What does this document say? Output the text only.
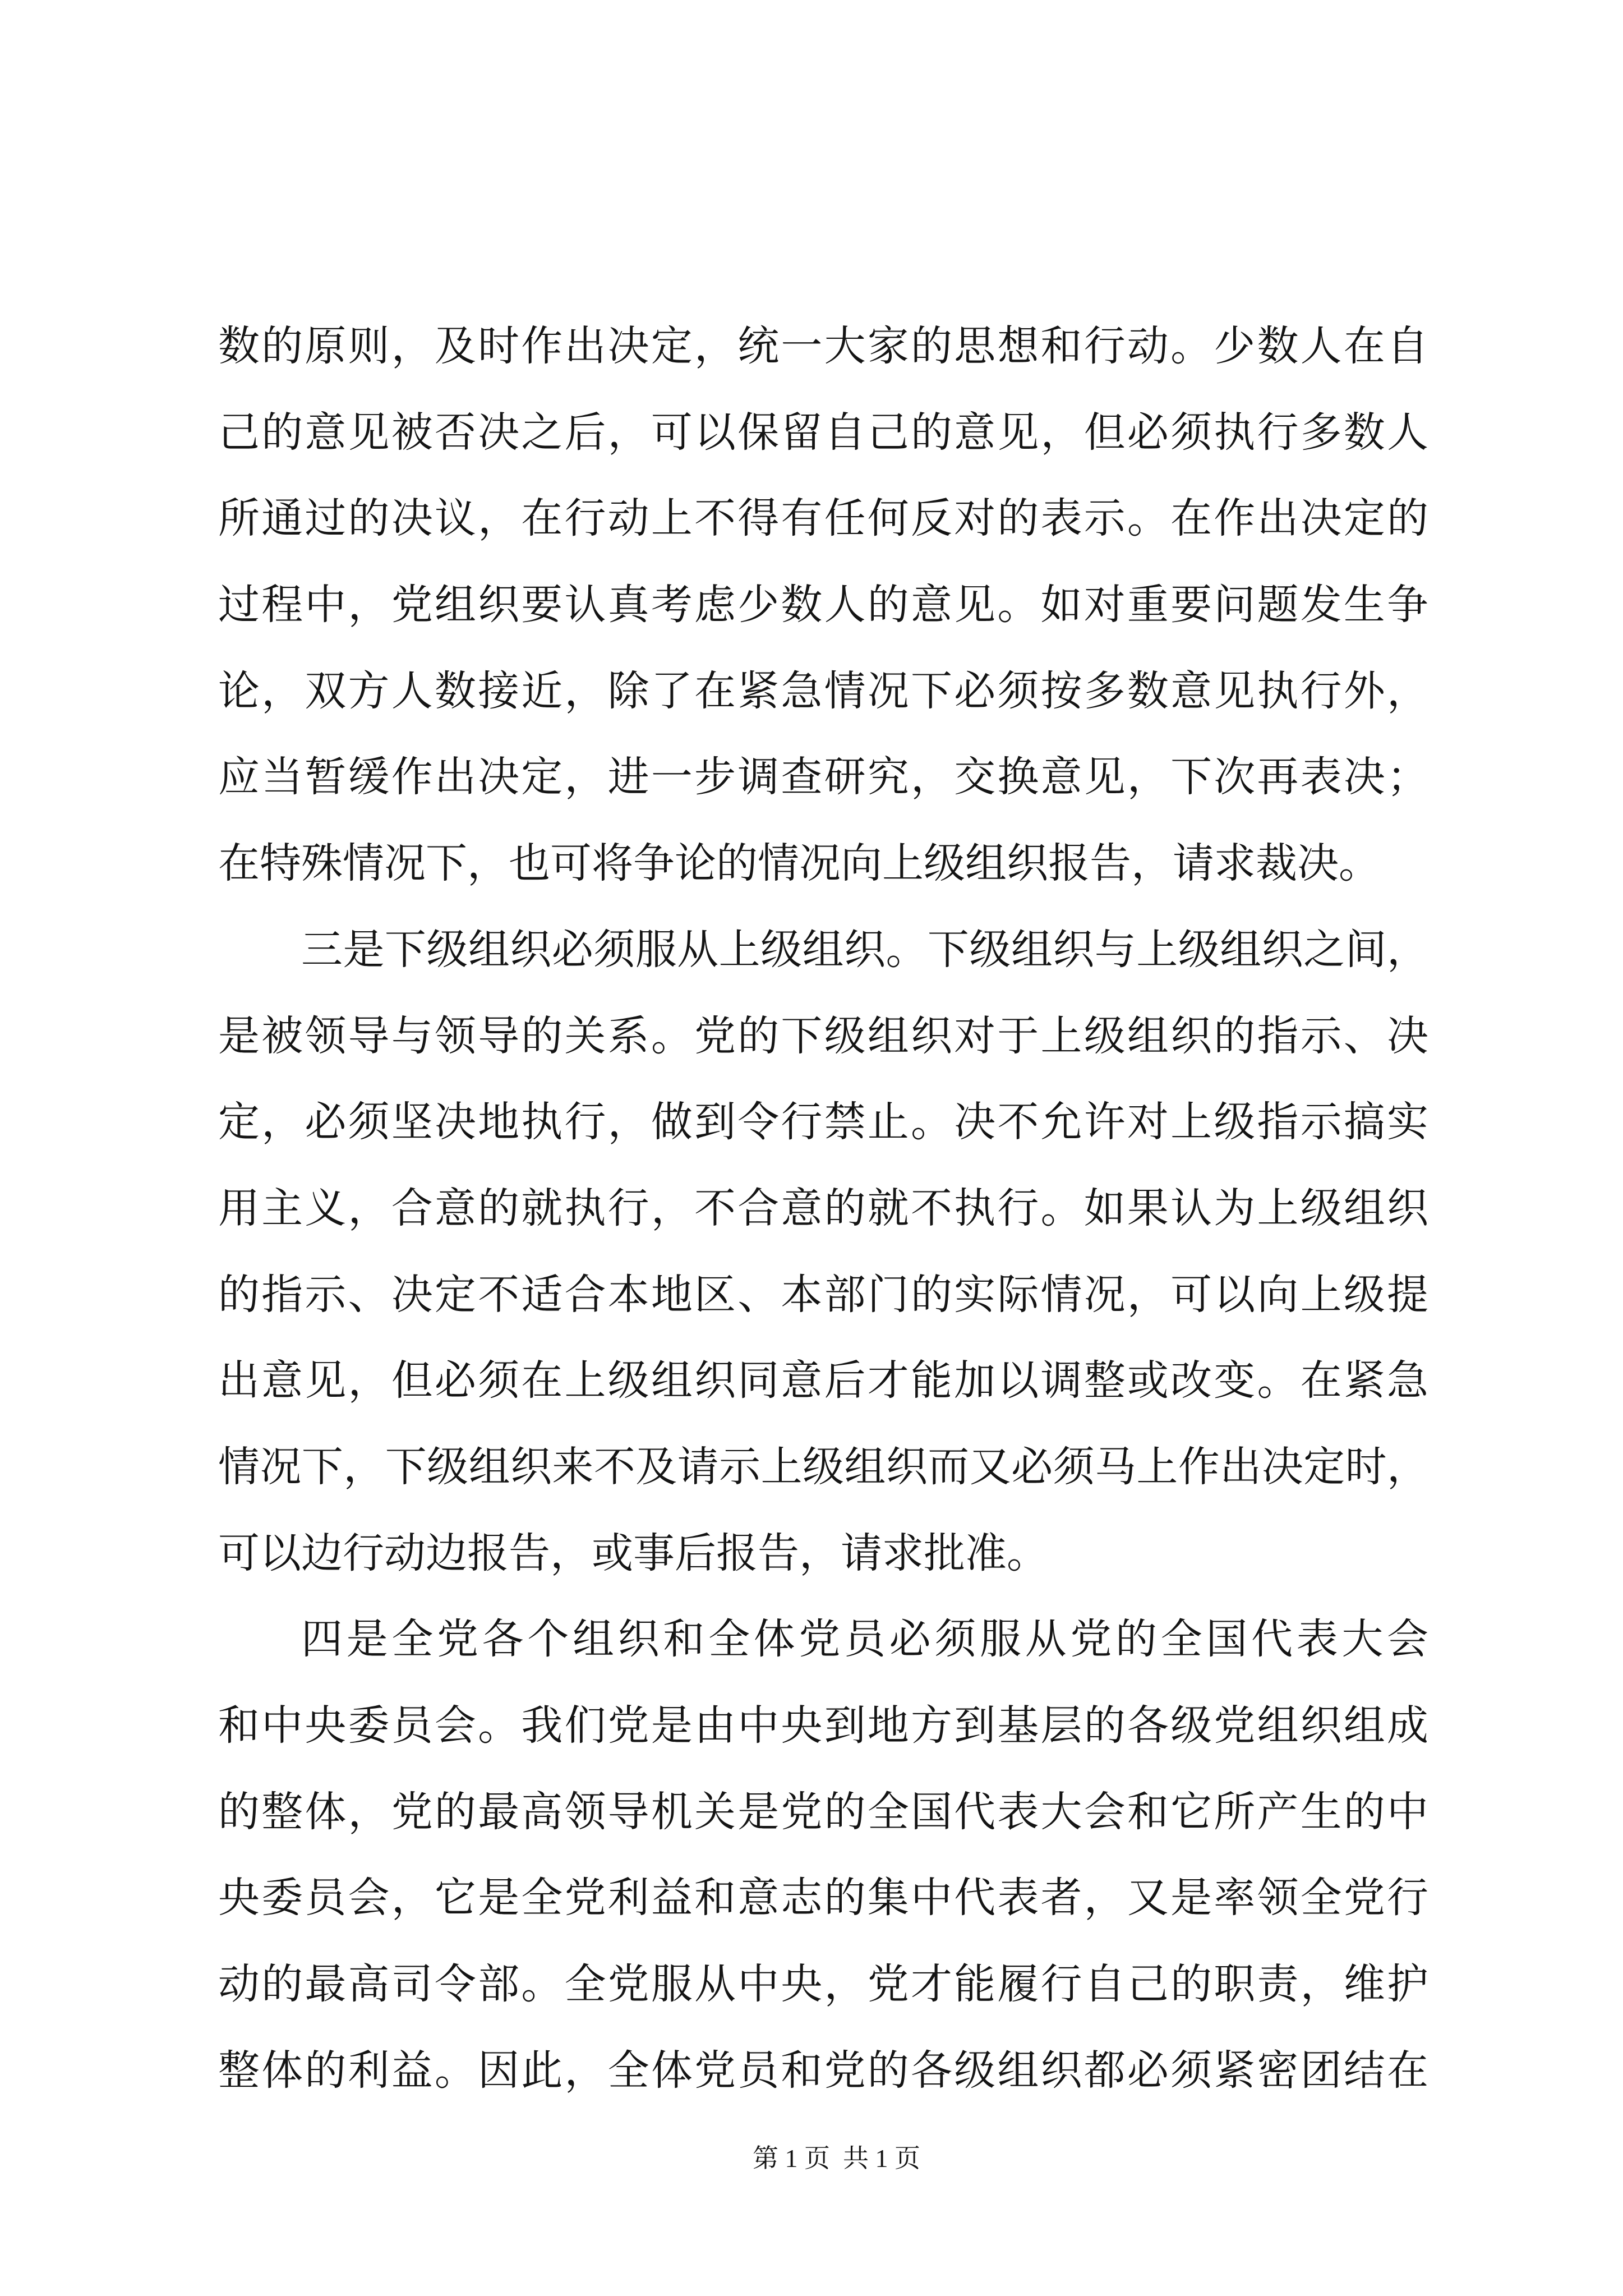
数的原则，及时作出决定，统一大家的思想和行动。少数人在自
己的意见被否决之后，可以保留自己的意见，但必须执行多数人
所通过的决议，在行动上不得有任何反对的表示。在作出决定的
过程中，党组织要认真考虑少数人的意见。如对重要问题发生争
论，双方人数接近，除了在紧急情况下必须按多数意见执行外，
应当暂缓作出决定，进一步调查研究，交换意见，下次再表决；
在特殊情况下，也可将争论的情况向上级组织报告，请求裁决。
三是下级组织必须服从上级组织。下级组织与上级组织之间，
是被领导与领导的关系。党的下级组织对于上级组织的指示、决
定，必须坚决地执行，做到令行禁止。决不允许对上级指示搞实
用主义，合意的就执行，不合意的就不执行。如果认为上级组织
的指示、决定不适合本地区、本部门的实际情况，可以向上级提
出意见，但必须在上级组织同意后才能加以调整或改变。在紧急
情况下，下级组织来不及请示上级组织而又必须马上作出决定时，
可以边行动边报告，或事后报告，请求批准。
四是全党各个组织和全体党员必须服从党的全国代表大会
和中央委员会。我们党是由中央到地方到基层的各级党组织组成
的整体，党的最高领导机关是党的全国代表大会和它所产生的中
央委员会，它是全党利益和意志的集中代表者，又是率领全党行
动的最高司令部。全党服从中央，党才能履行自己的职责，维护
整体的利益。因此，全体党员和党的各级组织都必须紧密团结在
第 1 页  共 1 页
